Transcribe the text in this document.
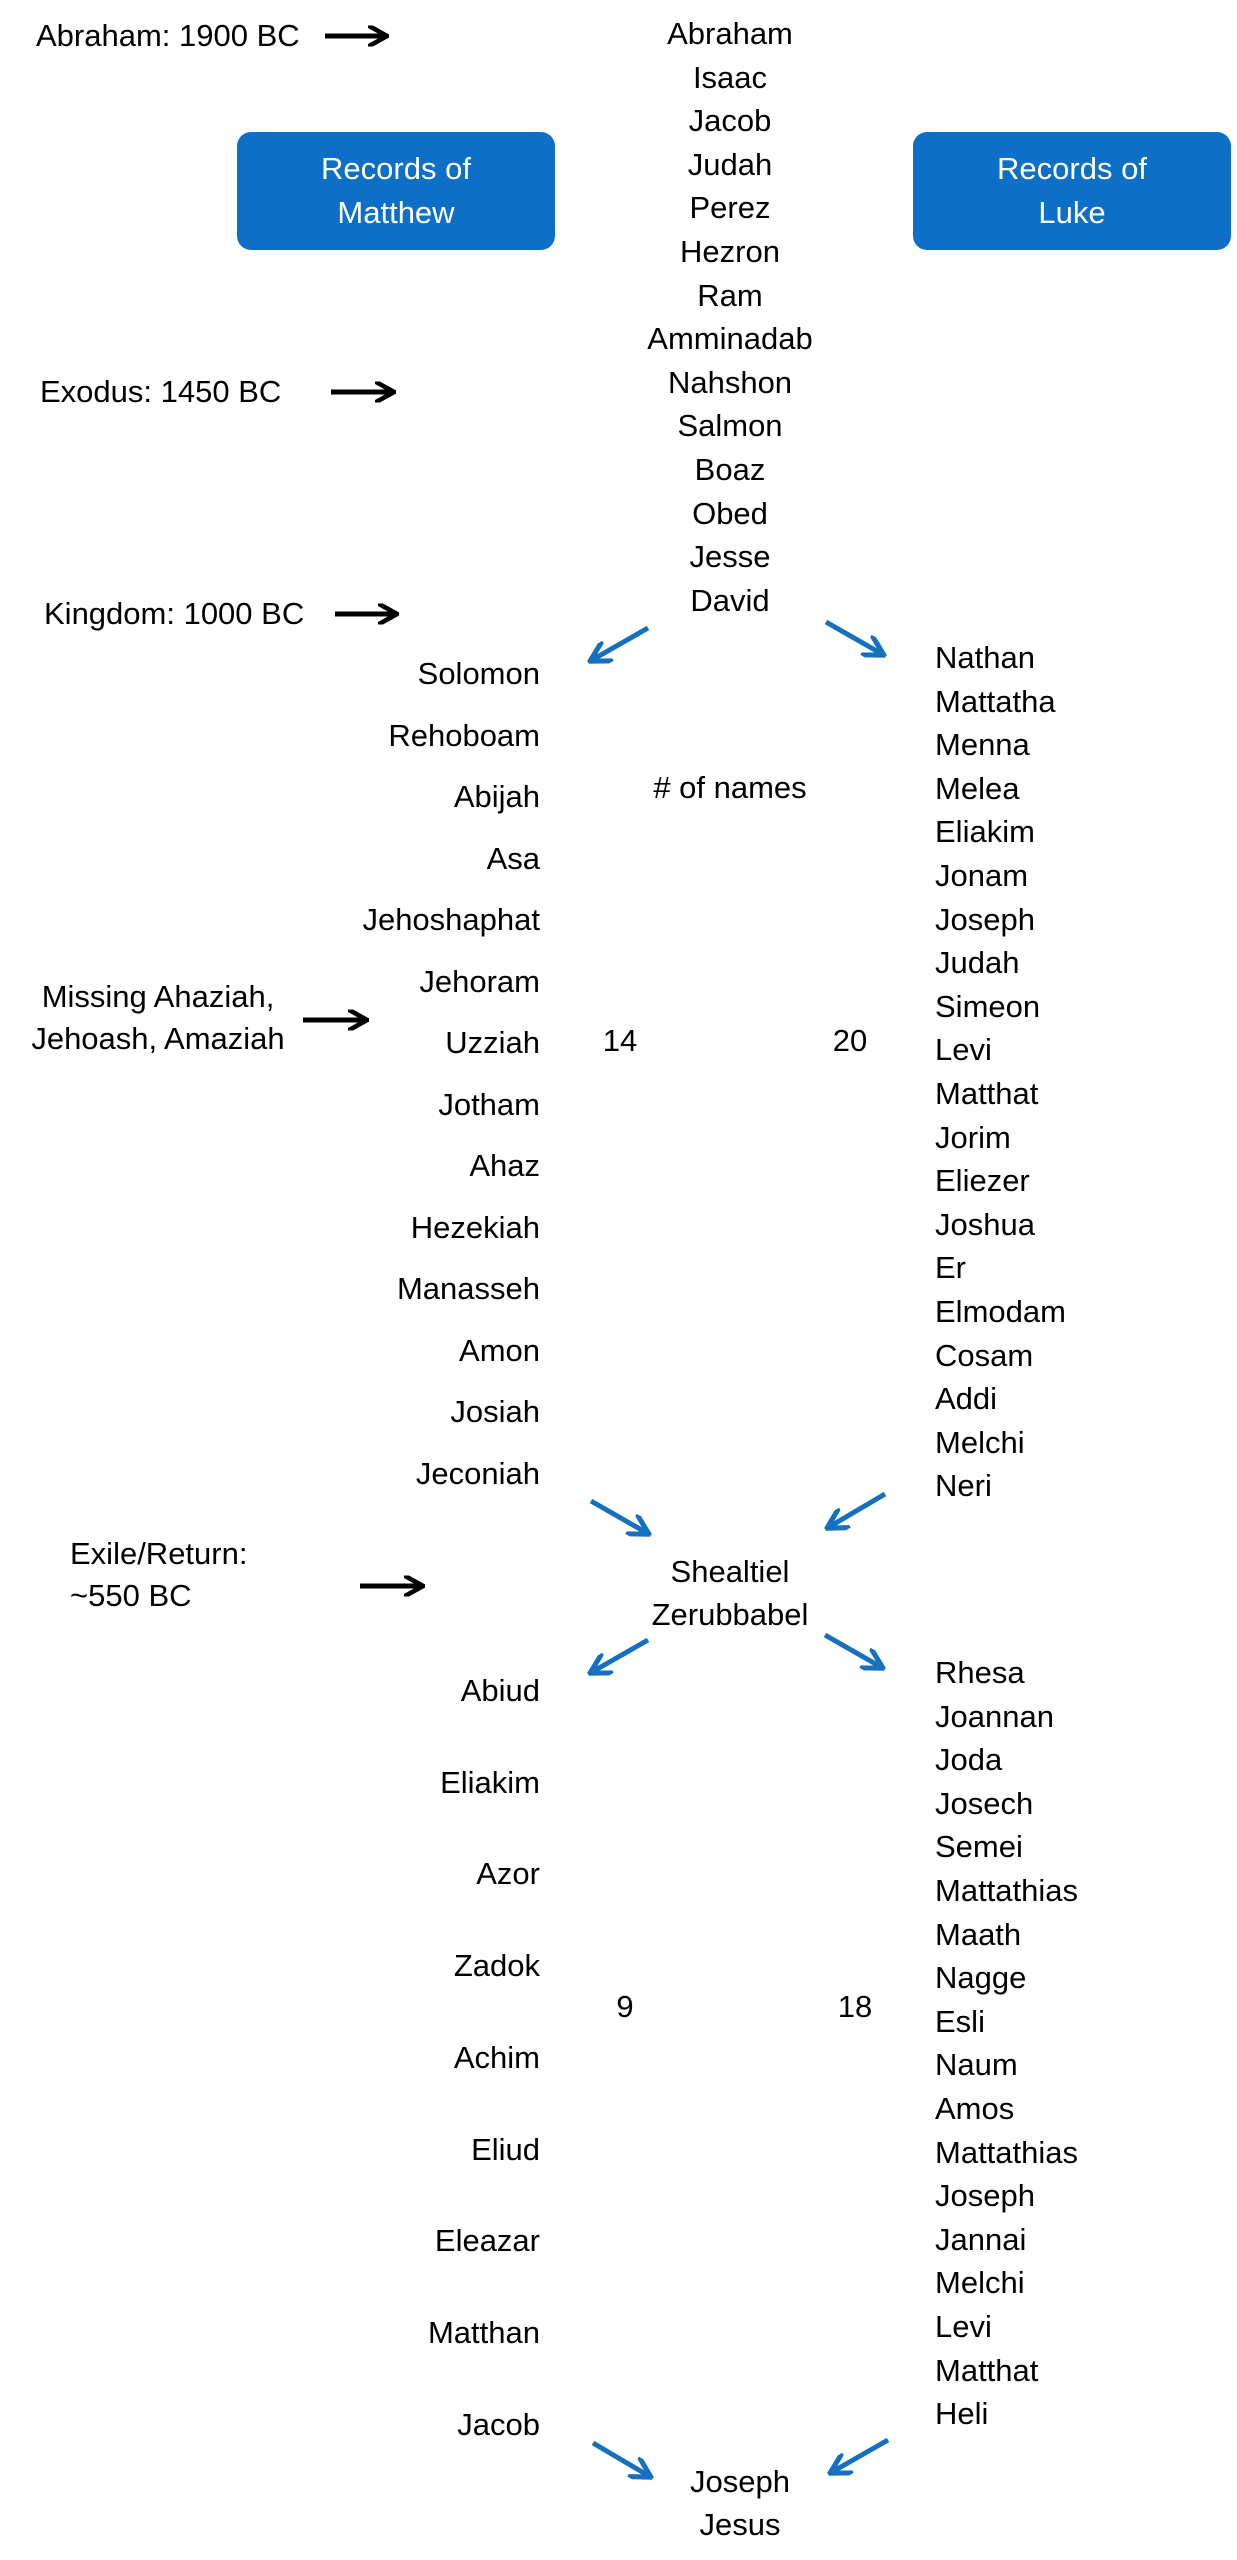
Records of
Matthew
Records of
Luke
Abraham: 1900 BC
Exodus: 1450 BC
Kingdom: 1000 BC
Missing Ahaziah,
Jehoash, Amaziah
Exile/Return:
~550 BC
Abraham
Isaac
Jacob
Judah
Perez
Hezron
Ram
Amminadab
Nahshon
Salmon
Boaz
Obed
Jesse
David
Solomon
Rehoboam
Abijah
Asa
Jehoshaphat
Jehoram
Uzziah
Jotham
Ahaz
Hezekiah
Manasseh
Amon
Josiah
Jeconiah
Nathan
Mattatha
Menna
Melea
Eliakim
Jonam
Joseph
Judah
Simeon
Levi
Matthat
Jorim
Eliezer
Joshua
Er
Elmodam
Cosam
Addi
Melchi
Neri
# of names
14	20
9	18
Shealtiel
Zerubbabel
Abiud
Eliakim
Azor
Zadok
Achim
Eliud
Eleazar
Matthan
Jacob
Rhesa
Joannan
Joda
Josech
Semei
Mattathias
Maath
Nagge
Esli
Naum
Amos
Mattathias
Joseph
Jannai
Melchi
Levi
Matthat
Heli
Joseph
Jesus
